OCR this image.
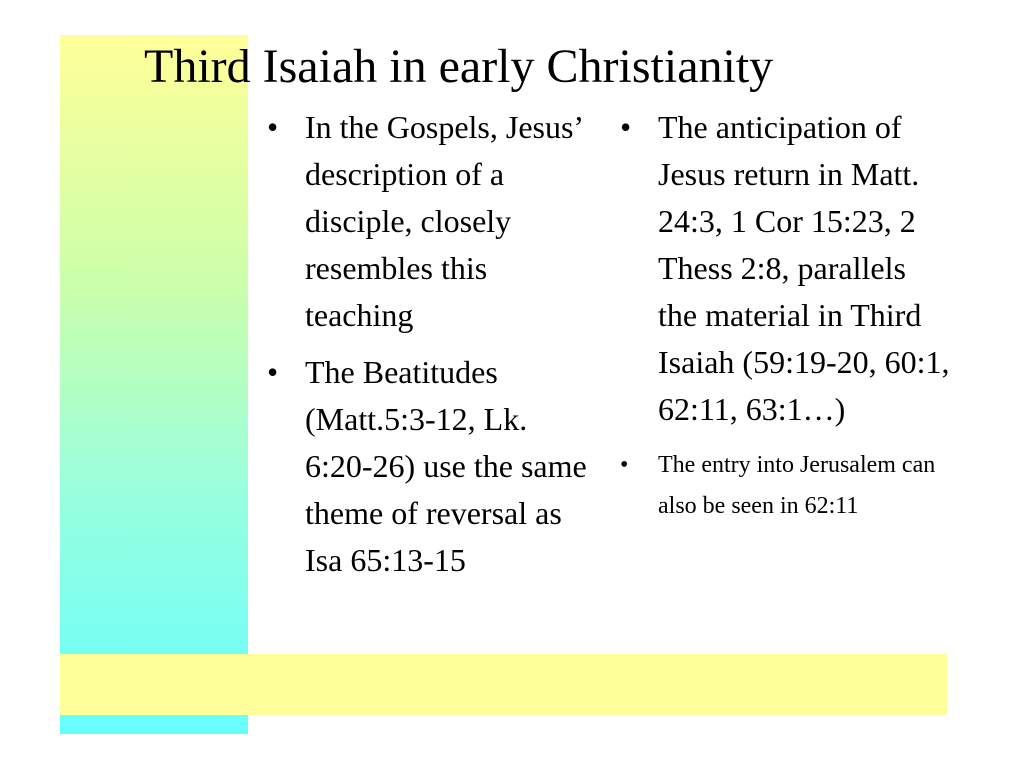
Third Isaiah in early Christianity
• In the Gospels, Jesus’ description of a disciple, closely resembles this teaching
• The Beatitudes (Matt.5:3-12, Lk. 6:20-26) use the same theme of reversal as Isa 65:13-15
• The anticipation of Jesus return in Matt. 24:3, 1 Cor 15:23, 2 Thess 2:8, parallels the material in Third Isaiah (59:19-20, 60:1, 62:11, 63:1…)
• The entry into Jerusalem can also be seen in 62:11
